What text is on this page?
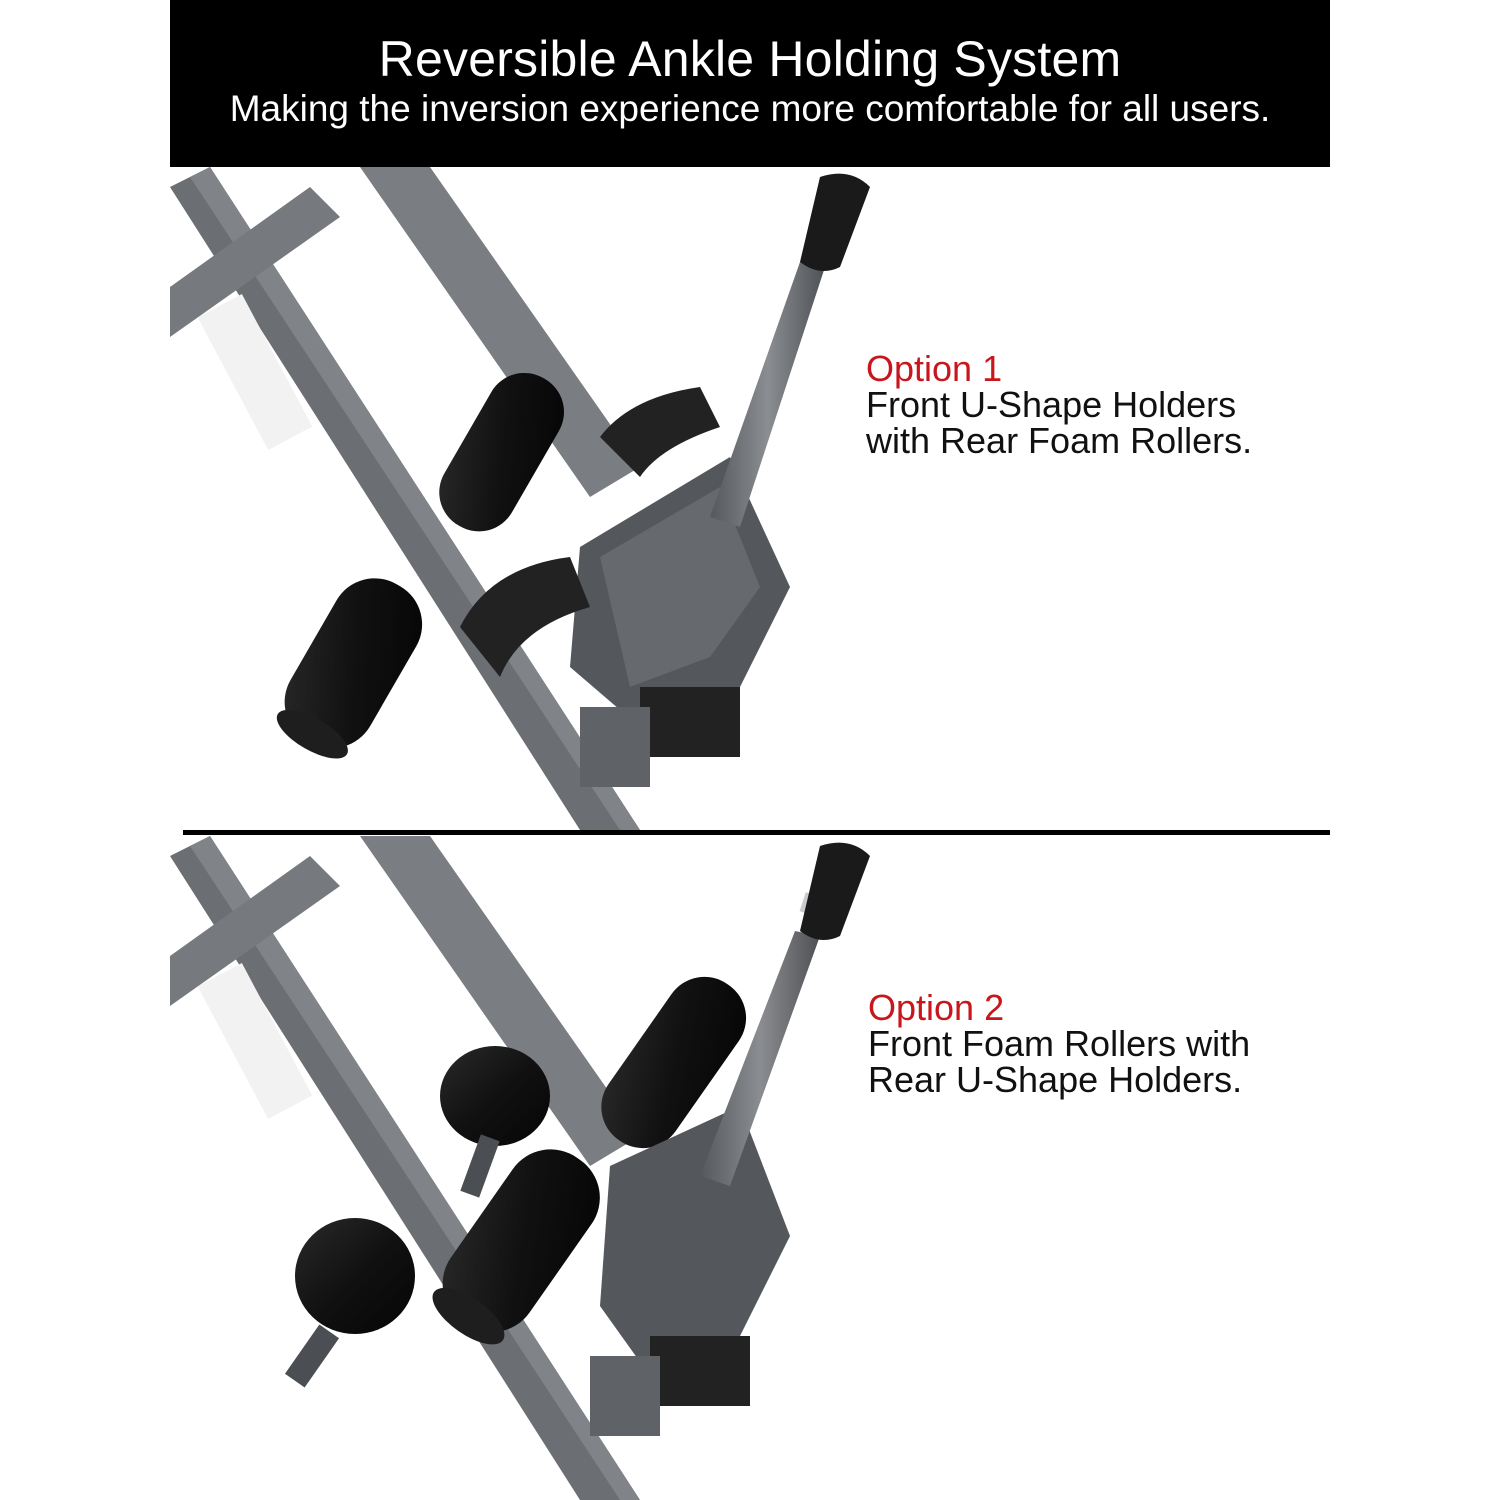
Reversible Ankle Holding System
Making the inversion experience more comfortable for all users.
Option 1
Front U-Shape Holders
with Rear Foam Rollers.
Option 2
Front Foam Rollers with
Rear U-Shape Holders.
